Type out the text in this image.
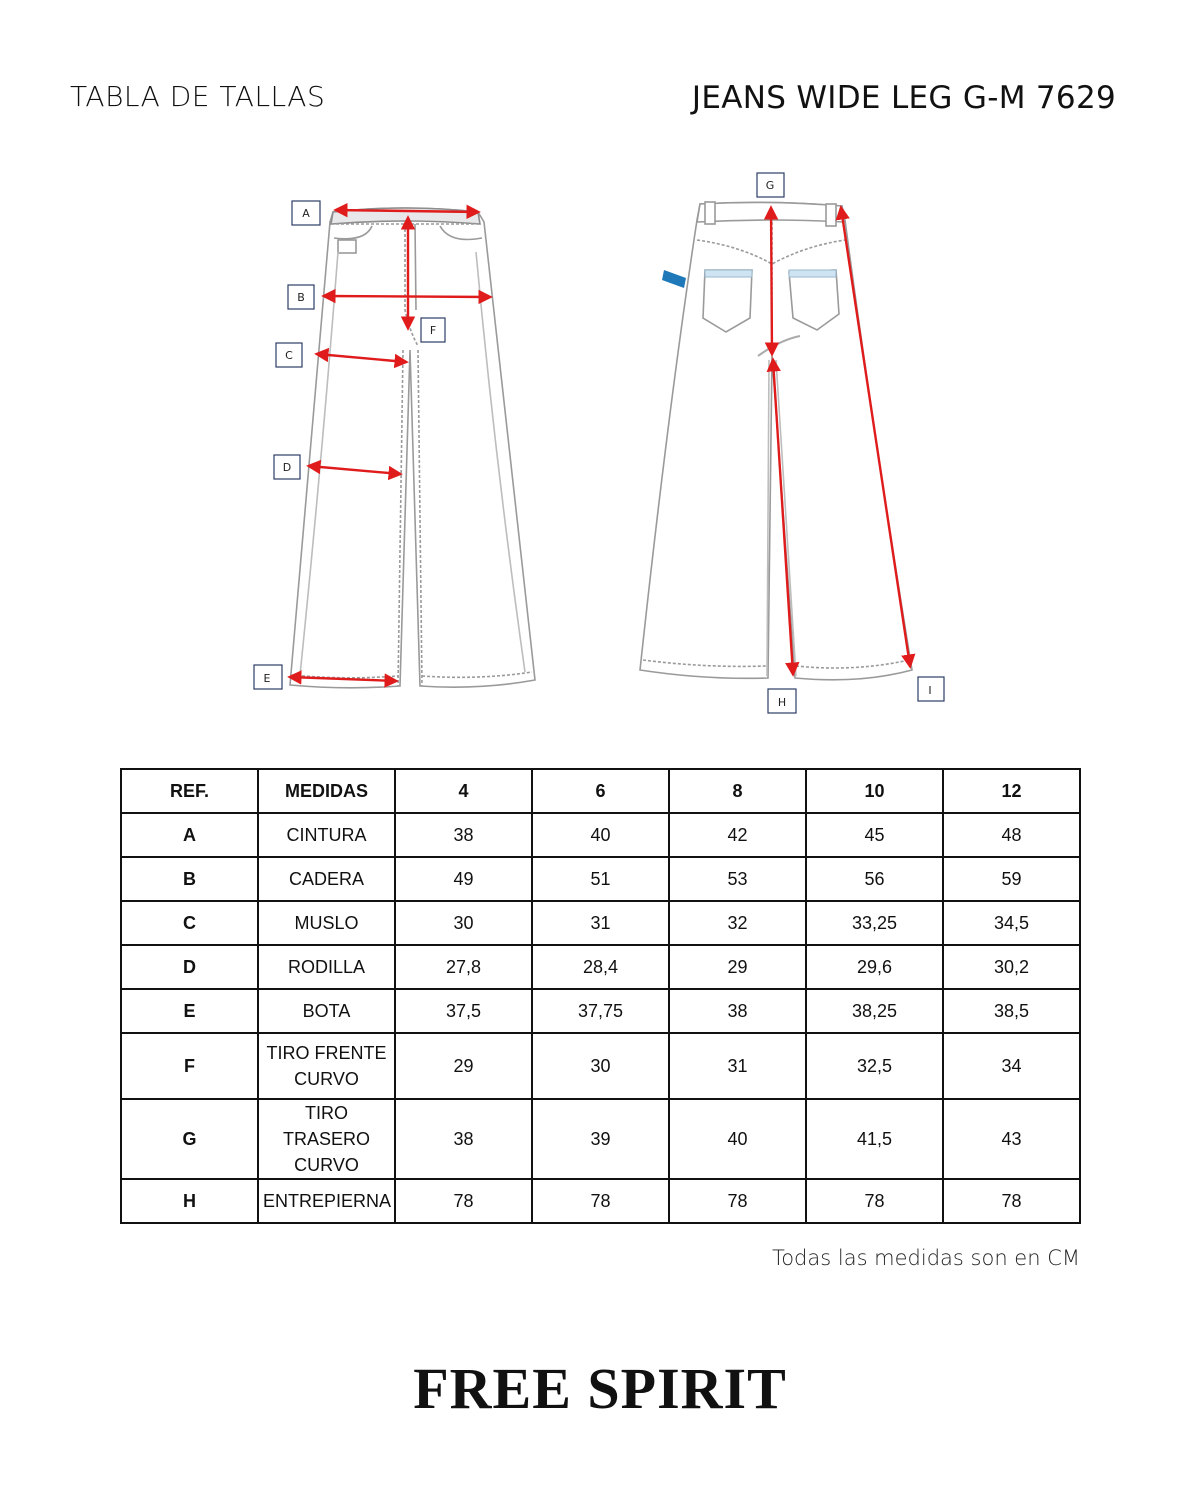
TABLA DE TALLAS	JEANS WIDE LEG G-M 7629
A
B
C
D
E
F
G
H
I
REF.	MEDIDAS	4	6	8	10	12
A	CINTURA	38	40	42	45	48
B	CADERA	49	51	53	56	59
C	MUSLO	30	31	32	33,25	34,5
D	RODILLA	27,8	28,4	29	29,6	30,2
E	BOTA	37,5	37,75	38	38,25	38,5
F	TIRO FRENTE CURVO	29	30	31	32,5	34
G	TIRO TRASERO CURVO	38	39	40	41,5	43
H	ENTREPIERNA	78	78	78	78	78
Todas las medidas son en CM
FREE SPIRIT
